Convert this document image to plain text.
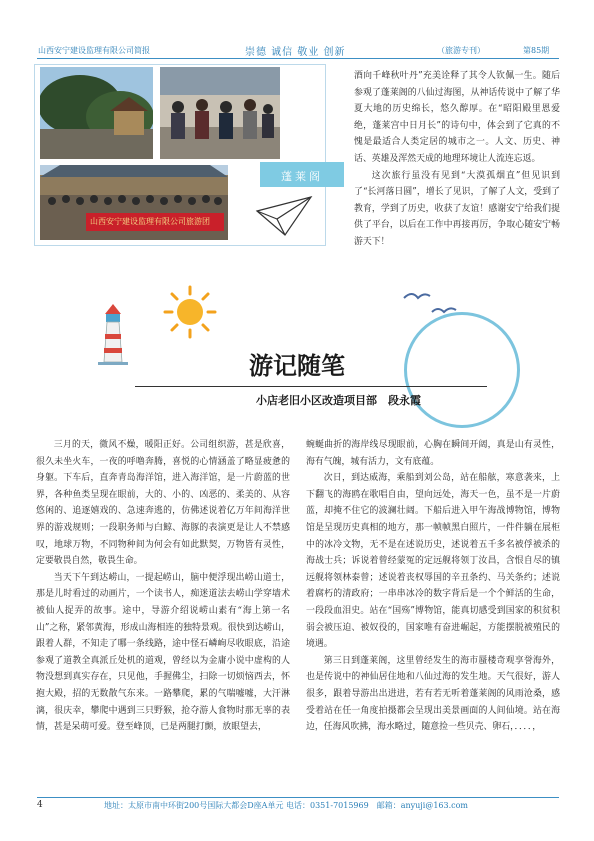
山西安宁建设监理有限公司简报	崇德 诚信 敬业 创新	（旅游专刊）	第85期
山西安宁建设监理有限公司旅游团
蓬莱阁

酒向千峰秋叶丹”充美诠释了其令人钦佩一生。随后参观了蓬莱阁的八仙过海图，从神话传说中了解了华夏大地的历史绵长，悠久醇厚。在“昭阳殿里恩爱绝，蓬莱宫中日月长”的诗句中，体会到了它真的不愧是最适合人类定居的城市之一。人文、历史、神话、英雄及浑然天成的地理环境让人流连忘返。

这次旅行虽没有见到“大漠孤烟直”但见识到了“长河落日圆”，增长了见识，了解了人文，受到了教育，学到了历史，收获了友谊！感谢安宁给我们提供了平台，以后在工作中再接再厉，争取心随安宁畅游天下！

游记随笔
小店老旧小区改造项目部　段永霞

三月的天，微风不燥，暖阳正好。公司组织游，甚是欣喜，很久未坐火车，一夜的呼噜奔腾，喜悦的心情涵盖了略显疲惫的身躯。下车后，直奔青岛海洋馆，进入海洋馆，是一片蔚蓝的世界，各种鱼类呈现在眼前，大的、小的、凶恶的、柔美的、从容悠闲的、追逐嬉戏的、急速奔逃的，仿佛述说着亿万年间海洋世界的游戏规则；一段职务师与白鲸、海豚的表演更是让人不禁感叹，地球万物，不同物种间为何会有如此默契，万物皆有灵性，定要敬畏自然，敬畏生命。

当天下午到达崂山，一提起崂山，脑中便浮现出崂山道士，那是儿时看过的动画片，一个读书人，痴迷道法去崂山学穿墙术被仙人捉弄的故事。途中，导游介绍说崂山素有“海上第一名山”之称，紧邻黄海，形成山海相连的独特景观。很快到达崂山，跟着人群，不知走了哪一条线路，途中怪石嶙峋尽收眼底，沿途参观了道教全真派丘处机的道观，曾经以为金庸小说中虚构的人物没想到真实存在，只见他，手握佛尘，扫除一切烦恼西去，怀抱大殿，招的无数散气东来。一路攀爬，累的气喘嘘嘘，大汗淋漓，很庆幸，攀爬中遇到三只野猴，抢夺游人食物时那无辜的表情，甚是呆萌可爱。登至峰顶，已是两腿打颤，放眼望去，

蜿蜒曲折的海岸线尽现眼前，心胸在瞬间开阔，真是山有灵性，海有气魄，城有活力，文有底蕴。

次日，到达威海，乘船到刘公岛，站在船舷，寒意袭来，上下翻飞的海鸥在歌唱自由，望向远处，海天一色，虽不是一片蔚蓝，却掩不住它的波澜壮阔。下船后进入甲午海战博物馆，博物馆是呈现历史真相的地方，那一帧帧黑白照片，一件件躺在展柜中的冰冷文物，无不是在述说历史，述说着五千多名被俘被杀的海战士兵；诉说着曾经蒙冤的定远舰将领丁汝昌，含恨自尽的镇远舰将领林泰曾；述说着丧权辱国的辛丑条约、马关条约；述说着腐朽的清政府；一串串冰冷的数字背后是一个个鲜活的生命，一段段血泪史。站在“国殇”博物馆，能真切感受到国家的积贫积弱会被压迫、被奴役的，国家唯有奋进崛起，方能摆脱被殖民的境遇。

第三日到蓬莱阁，这里曾经发生的海市蜃楼奇观享誉海外，也是传说中的神仙居住地和八仙过海的发生地。天气很好，游人很多，跟着导游出出进进，若有若无听着蓬莱阁的风雨沧桑，感受着站在任一角度拍摄都会呈现出美景画面的人间仙境。站在海边，任海风吹拂，海水略过，随意捡一些贝壳、卵石，．．．．，

4	地址：太原市南中环街200号国际大都会D座A单元 电话：0351-7015969　邮箱：anyuji@163.com
